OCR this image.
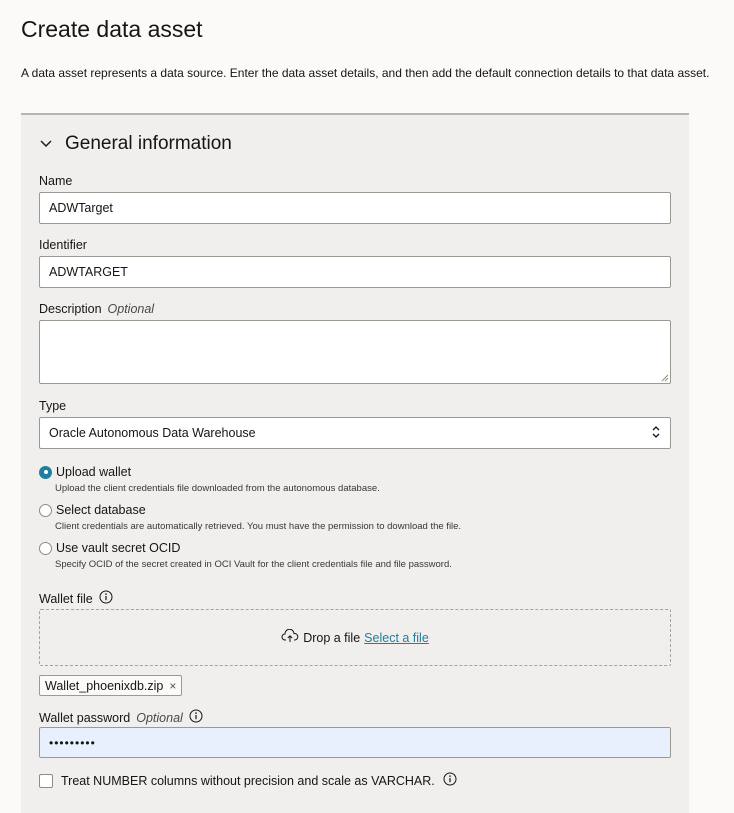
Create data asset

A data asset represents a data source. Enter the data asset details, and then add the default connection details to that data asset.

General information
Name
ADWTarget
Identifier
ADWTARGET
Description Optional
Type
Oracle Autonomous Data Warehouse
Upload wallet
Upload the client credentials file downloaded from the autonomous database.
Select database
Client credentials are automatically retrieved. You must have the permission to download the file.
Use vault secret OCID
Specify OCID of the secret created in OCI Vault for the client credentials file and file password.
Wallet file
Drop a file Select a file
Wallet_phoenixdb.zip ×
Wallet password Optional
•••••••••
Treat NUMBER columns without precision and scale as VARCHAR.
